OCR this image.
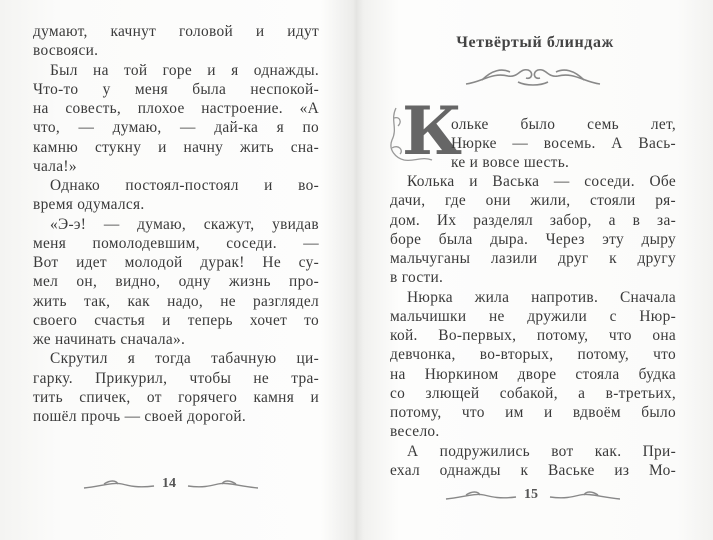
думают, качнут головой и идут
восвояси.
Был на той горе и я однажды.
Что-то у меня была неспокой-
на совесть, плохое настроение. «А
что, — думаю, — дай-ка я по
камню стукну и начну жить сна-
чала!»
Однако постоял-постоял и во-
время одумался.
«Э-э! — думаю, скажут, увидав
меня помолодевшим, соседи. —
Вот идет молодой дурак! Не су-
мел он, видно, одну жизнь про-
жить так, как надо, не разглядел
своего счастья и теперь хочет то
же начинать сначала».
Скрутил я тогда табачную ци-
гарку. Прикурил, чтобы не тра-
тить спичек, от горячего камня и
пошёл прочь — своей дорогой.
Четвёртый блиндаж
К
ольке было семь лет,
Нюрке — восемь. А Вась-
ке и вовсе шесть.
Колька и Васька — соседи. Обе
дачи, где они жили, стояли ря-
дом. Их разделял забор, а в за-
боре была дыра. Через эту дыру
мальчуганы лазили друг к другу
в гости.
Нюрка жила напротив. Сначала
мальчишки не дружили с Нюр-
кой. Во-первых, потому, что она
девчонка, во-вторых, потому, что
на Нюркином дворе стояла будка
со злющей собакой, а в-третьих,
потому, что им и вдвоём было
весело.
А подружились вот как. При-
ехал однажды к Ваське из Мо-
14
15
